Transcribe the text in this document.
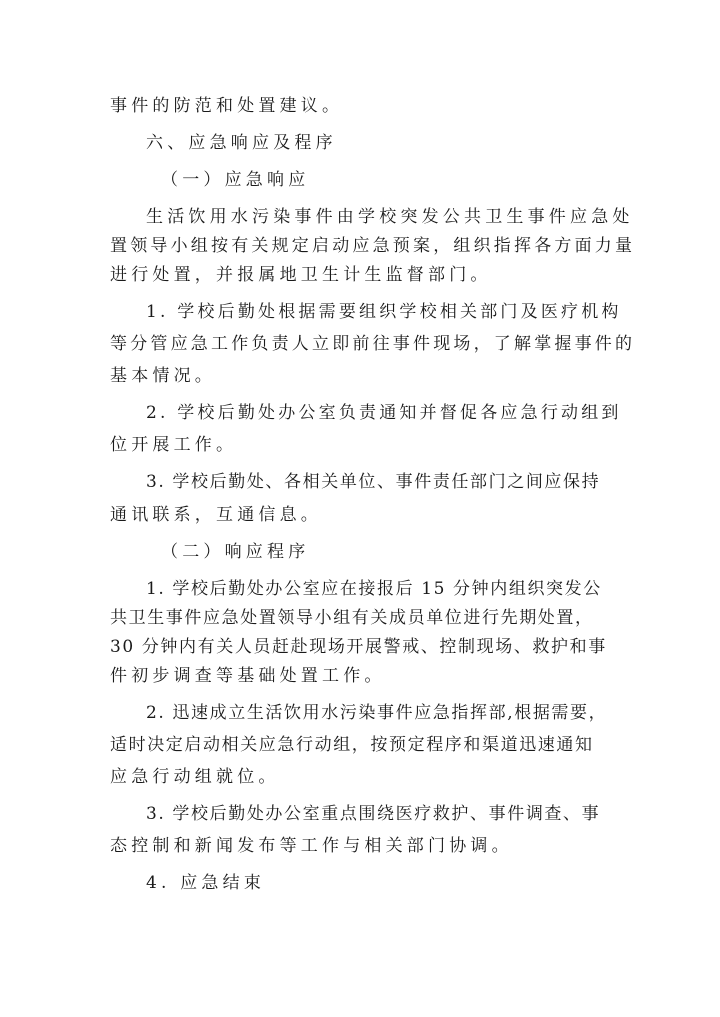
事件的防范和处置建议。
六、应急响应及程序
（一）应急响应
生活饮用水污染事件由学校突发公共卫生事件应急处
置领导小组按有关规定启动应急预案，组织指挥各方面力量
进行处置，并报属地卫生计生监督部门。
1. 学校后勤处根据需要组织学校相关部门及医疗机构
等分管应急工作负责人立即前往事件现场，了解掌握事件的
基本情况。
2. 学校后勤处办公室负责通知并督促各应急行动组到
位开展工作。
3. 学校后勤处、各相关单位、事件责任部门之间应保持
通讯联系，互通信息。
（二）响应程序
1. 学校后勤处办公室应在接报后 15 分钟内组织突发公
共卫生事件应急处置领导小组有关成员单位进行先期处置，
30 分钟内有关人员赶赴现场开展警戒、控制现场、救护和事
件初步调查等基础处置工作。
2. 迅速成立生活饮用水污染事件应急指挥部,根据需要，
适时决定启动相关应急行动组，按预定程序和渠道迅速通知
应急行动组就位。
3. 学校后勤处办公室重点围绕医疗救护、事件调查、事
态控制和新闻发布等工作与相关部门协调。
4. 应急结束
